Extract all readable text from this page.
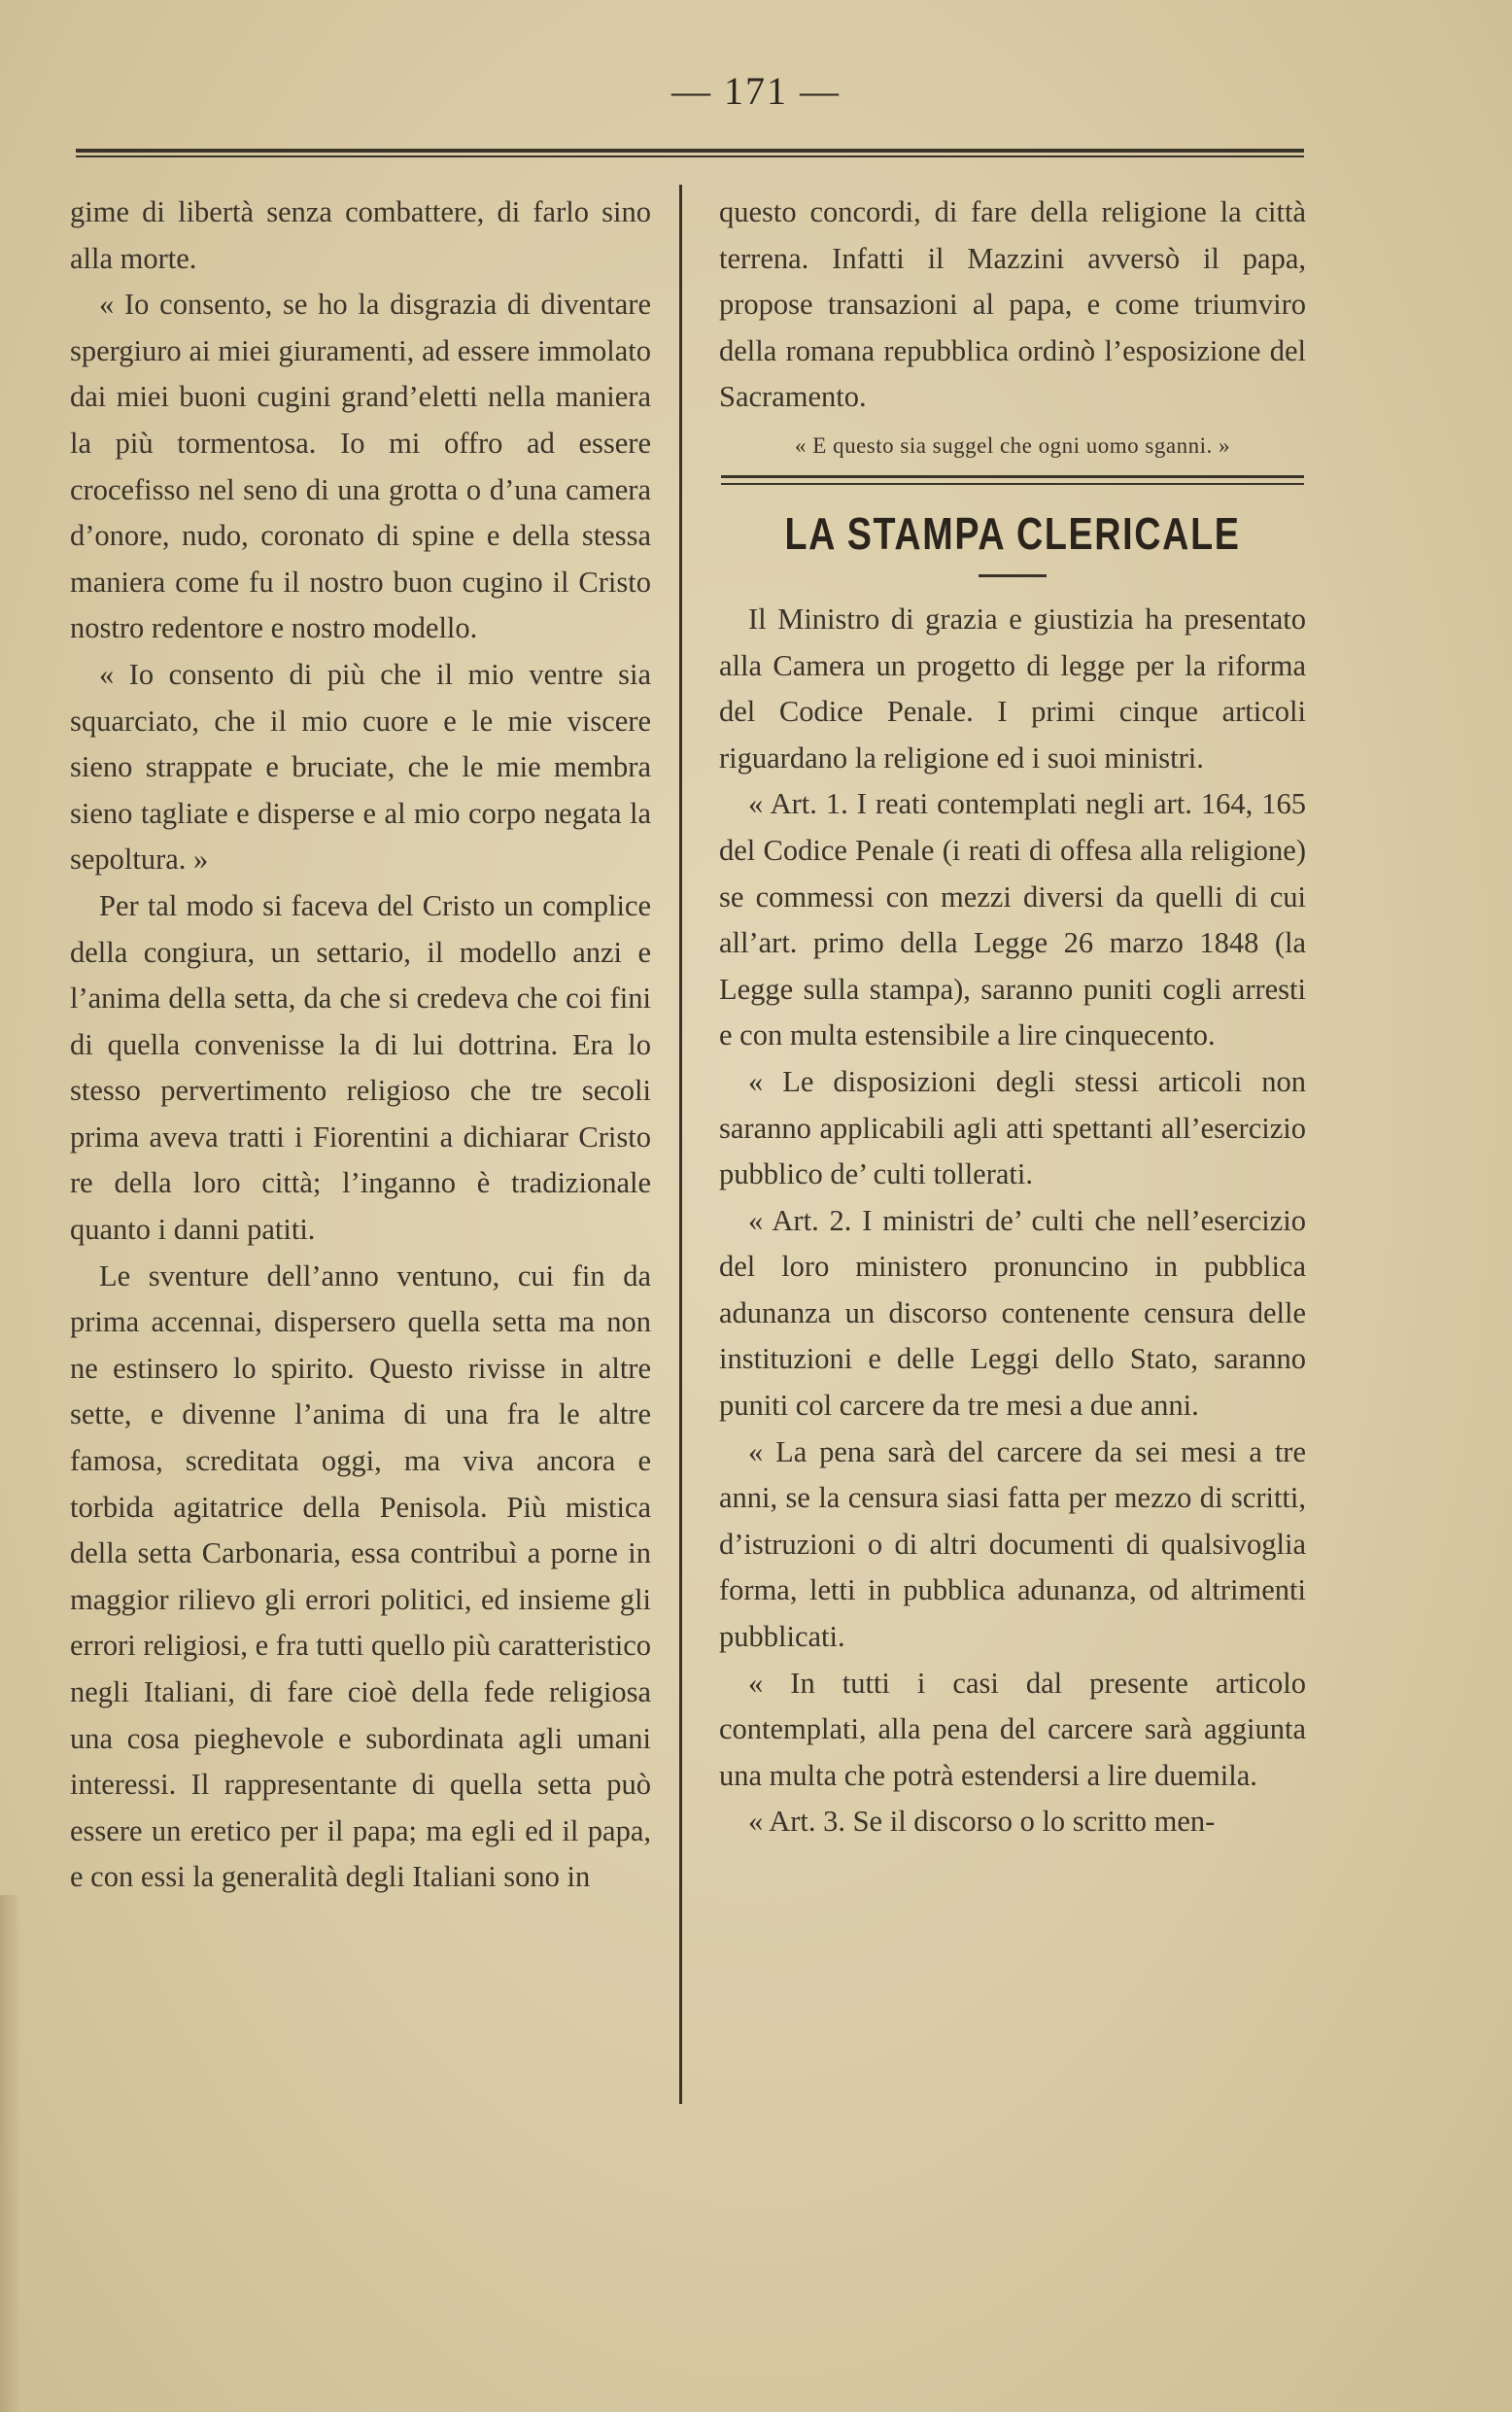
— 171 —

gime di libertà senza combattere, di farlo sino alla morte.

« Io consento, se ho la disgrazia di diventare spergiuro ai miei giuramenti, ad essere immolato dai miei buoni cugini grand’eletti nella maniera la più tormentosa. Io mi offro ad essere crocefisso nel seno di una grotta o d’una camera d’onore, nudo, coronato di spine e della stessa maniera come fu il nostro buon cugino il Cristo nostro redentore e nostro modello.

« Io consento di più che il mio ventre sia squarciato, che il mio cuore e le mie viscere sieno strappate e bruciate, che le mie membra sieno tagliate e disperse e al mio corpo negata la sepoltura. »

Per tal modo si faceva del Cristo un complice della congiura, un settario, il modello anzi e l’anima della setta, da che si credeva che coi fini di quella convenisse la di lui dottrina. Era lo stesso pervertimento religioso che tre secoli prima aveva tratti i Fiorentini a dichiarar Cristo re della loro città; l’inganno è tradizionale quanto i danni patiti.

Le sventure dell’anno ventuno, cui fin da prima accennai, dispersero quella setta ma non ne estinsero lo spirito. Questo rivisse in altre sette, e divenne l’anima di una fra le altre famosa, screditata oggi, ma viva ancora e torbida agitatrice della Penisola. Più mistica della setta Carbonaria, essa contribuì a porne in maggior rilievo gli errori politici, ed insieme gli errori religiosi, e fra tutti quello più caratteristico negli Italiani, di fare cioè della fede religiosa una cosa pieghevole e subordinata agli umani interessi. Il rappresentante di quella setta può essere un eretico per il papa; ma egli ed il papa, e con essi la generalità degli Italiani sono in

questo concordi, di fare della religione la città terrena. Infatti il Mazzini avversò il papa, propose transazioni al papa, e come triumviro della romana repubblica ordinò l’esposizione del Sacramento.

« E questo sia suggel che ogni uomo sganni. »

LA STAMPA CLERICALE

Il Ministro di grazia e giustizia ha presentato alla Camera un progetto di legge per la riforma del Codice Penale. I primi cinque articoli riguardano la religione ed i suoi ministri.

« Art. 1. I reati contemplati negli art. 164, 165 del Codice Penale (i reati di offesa alla religione) se commessi con mezzi diversi da quelli di cui all’art. primo della Legge 26 marzo 1848 (la Legge sulla stampa), saranno puniti cogli arresti e con multa estensibile a lire cinquecento.

« Le disposizioni degli stessi articoli non saranno applicabili agli atti spettanti all’esercizio pubblico de’ culti tollerati.

« Art. 2. I ministri de’ culti che nell’esercizio del loro ministero pronuncino in pubblica adunanza un discorso contenente censura delle instituzioni e delle Leggi dello Stato, saranno puniti col carcere da tre mesi a due anni.

« La pena sarà del carcere da sei mesi a tre anni, se la censura siasi fatta per mezzo di scritti, d’istruzioni o di altri documenti di qualsivoglia forma, letti in pubblica adunanza, od altrimenti pubblicati.

« In tutti i casi dal presente articolo contemplati, alla pena del carcere sarà aggiunta una multa che potrà estendersi a lire duemila.

« Art. 3. Se il discorso o lo scritto men-
